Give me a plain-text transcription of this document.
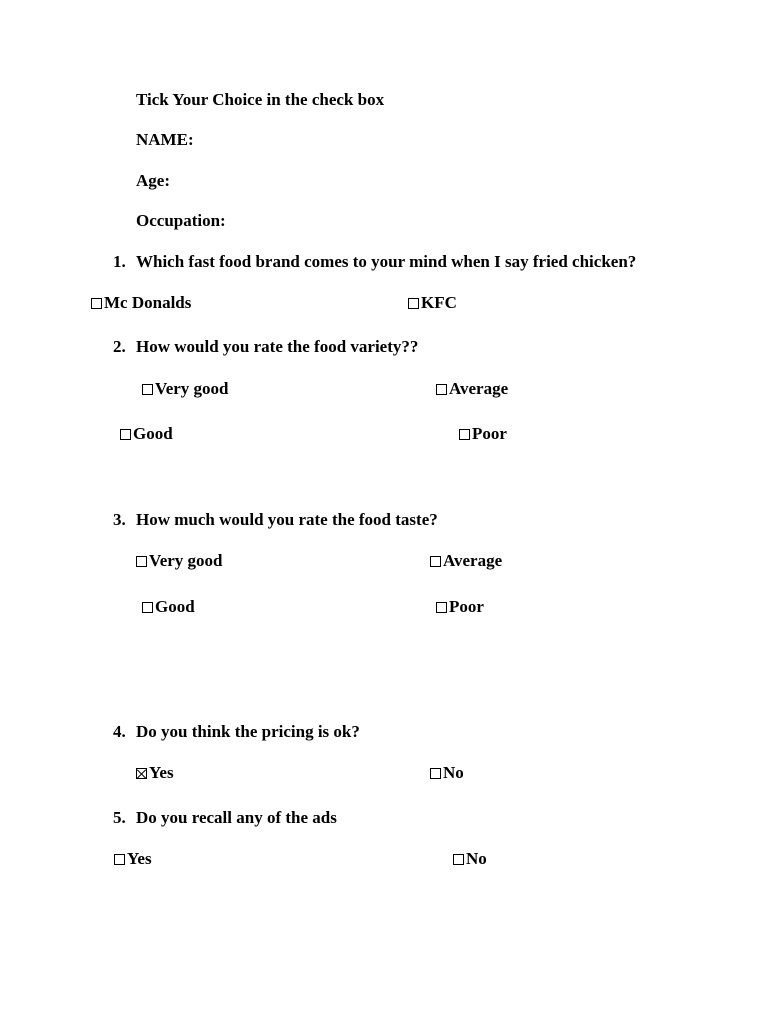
Tick Your Choice in the check box
NAME:
Age:
Occupation:
1. Which fast food brand comes to your mind when I say fried chicken?
Mc Donalds	KFC
2. How would you rate the food variety??
Very good	Average
Good	Poor
3. How much would you rate the food taste?
Very good	Average
Good	Poor
4. Do you think the pricing is ok?
Yes	No
5. Do you recall any of the ads
Yes	No
